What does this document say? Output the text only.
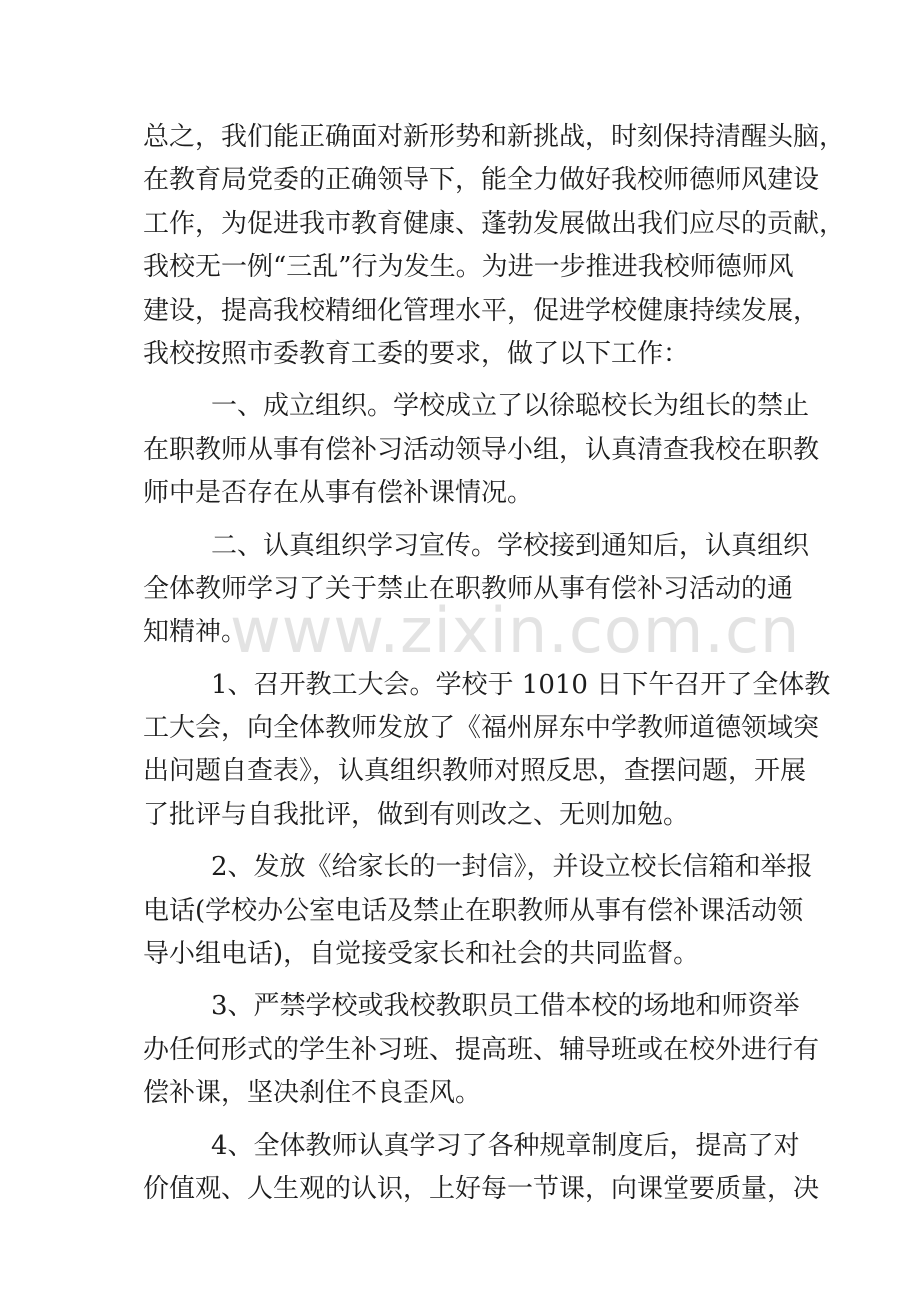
www.zixin.com.cn
总之，我们能正确面对新形势和新挑战，时刻保持清醒头脑，
在教育局党委的正确领导下，能全力做好我校师德师风建设
工作，为促进我市教育健康、蓬勃发展做出我们应尽的贡献，
我校无一例“三乱”行为发生。为进一步推进我校师德师风
建设，提高我校精细化管理水平，促进学校健康持续发展，
我校按照市委教育工委的要求，做了以下工作：
一、成立组织。学校成立了以徐聪校长为组长的禁止
在职教师从事有偿补习活动领导小组，认真清查我校在职教
师中是否存在从事有偿补课情况。
二、认真组织学习宣传。学校接到通知后，认真组织
全体教师学习了关于禁止在职教师从事有偿补习活动的通
知精神。
1、召开教工大会。学校于 1010 日下午召开了全体教
工大会，向全体教师发放了《福州屏东中学教师道德领域突
出问题自查表》，认真组织教师对照反思，查摆问题，开展
了批评与自我批评，做到有则改之、无则加勉。
2、发放《给家长的一封信》，并设立校长信箱和举报
电话(学校办公室电话及禁止在职教师从事有偿补课活动领
导小组电话)，自觉接受家长和社会的共同监督。
3、严禁学校或我校教职员工借本校的场地和师资举
办任何形式的学生补习班、提高班、辅导班或在校外进行有
偿补课，坚决刹住不良歪风。
4、全体教师认真学习了各种规章制度后，提高了对
价值观、人生观的认识，上好每一节课，向课堂要质量，决
